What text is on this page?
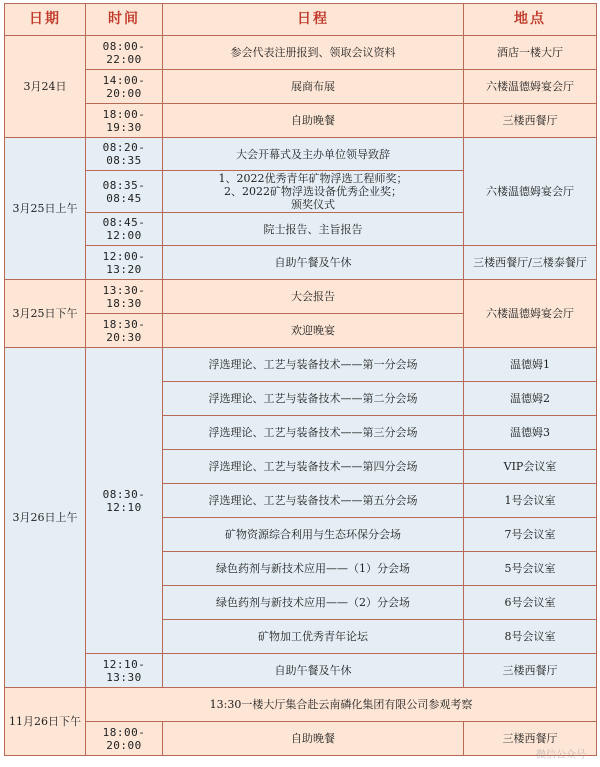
日期	时间	日程	地点
3月24日	08:00-22:00	参会代表注册报到、领取会议资料	酒店一楼大厅
	14:00-20:00	展商布展	六楼温德姆宴会厅
	18:00-19:30	自助晚餐	三楼西餐厅
3月25日上午	08:20-08:35	大会开幕式及主办单位领导致辞	六楼温德姆宴会厅
	08:35-08:45	1、2022优秀青年矿物浮选工程师奖；
2、2022矿物浮选设备优秀企业奖；
颁奖仪式	
	08:45-12:00	院士报告、主旨报告	
	12:00-13:20	自助午餐及午休	三楼西餐厅/三楼泰餐厅
3月25日下午	13:30-18:30	大会报告	六楼温德姆宴会厅
	18:30-20:30	欢迎晚宴	
3月26日上午	08:30-12:10	浮选理论、工艺与装备技术——第一分会场	温德姆1
		浮选理论、工艺与装备技术——第二分会场	温德姆2
		浮选理论、工艺与装备技术——第三分会场	温德姆3
		浮选理论、工艺与装备技术——第四分会场	VIP会议室
		浮选理论、工艺与装备技术——第五分会场	1号会议室
		矿物资源综合利用与生态环保分会场	7号会议室
		绿色药剂与新技术应用——（1）分会场	5号会议室
		绿色药剂与新技术应用——（2）分会场	6号会议室
		矿物加工优秀青年论坛	8号会议室
	12:10-13:30	自助午餐及午休	三楼西餐厅
11月26日下午	13:30一楼大厅集合赴云南磷化集团有限公司参观考察		
	18:00-20:00	自助晚餐	三楼西餐厅
微信公众号
